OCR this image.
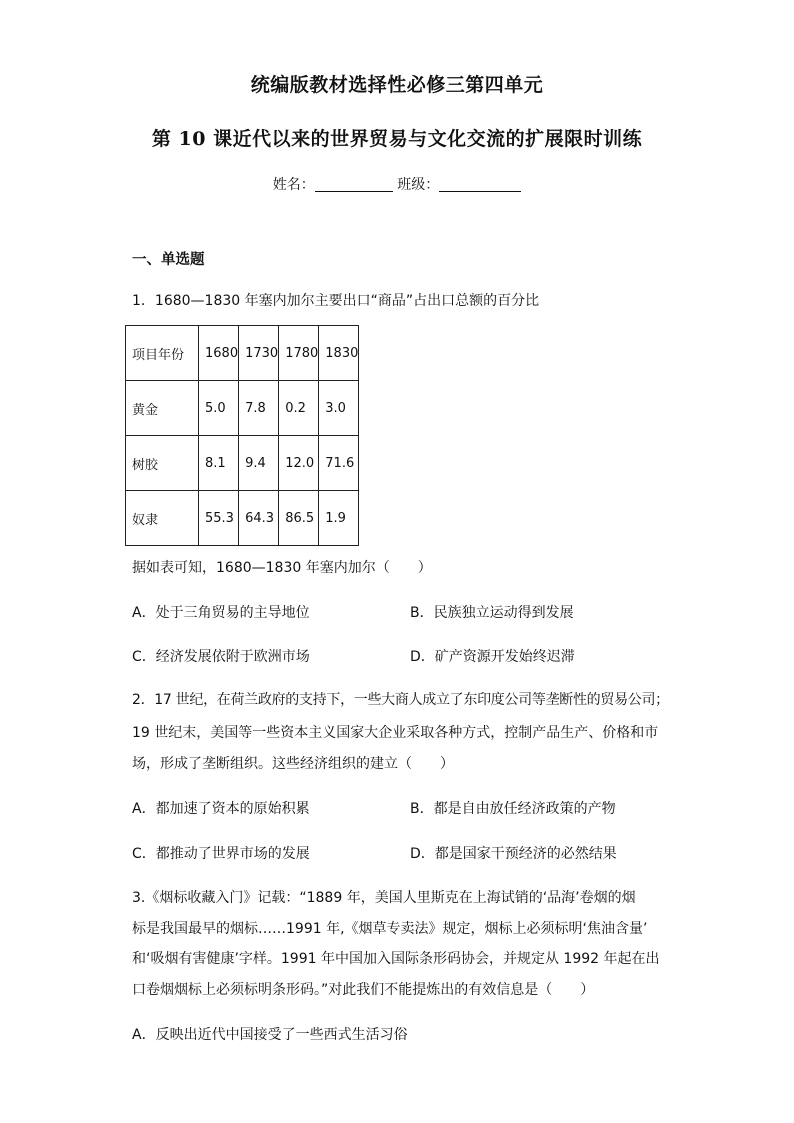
统编版教材选择性必修三第四单元
第 10 课近代以来的世界贸易与文化交流的扩展限时训练
姓名：	班级：
一、单选题
1．1680—1830 年塞内加尔主要出口“商品”占出口总额的百分比
项目年份	1680	1730	1780	1830
黄金	5.0	7.8	0.2	3.0
树胶	8.1	9.4	12.0	71.6
奴隶	55.3	64.3	86.5	1.9
据如表可知，1680—1830 年塞内加尔（　　）
A．处于三角贸易的主导地位	B．民族独立运动得到发展
C．经济发展依附于欧洲市场	D．矿产资源开发始终迟滞
2．17 世纪，在荷兰政府的支持下，一些大商人成立了东印度公司等垄断性的贸易公司；
19 世纪末，美国等一些资本主义国家大企业采取各种方式，控制产品生产、价格和市
场，形成了垄断组织。这些经济组织的建立（　　）
A．都加速了资本的原始积累	B．都是自由放任经济政策的产物
C．都推动了世界市场的发展	D．都是国家干预经济的必然结果
3.《烟标收藏入门》记载：“1889 年，美国人里斯克在上海试销的‘品海’卷烟的烟
标是我国最早的烟标……1991 年,《烟草专卖法》规定，烟标上必须标明‘焦油含量’
和‘吸烟有害健康’字样。1991 年中国加入国际条形码协会，并规定从 1992 年起在出
口卷烟烟标上必须标明条形码。”对此我们不能提炼出的有效信息是（　　）
A．反映出近代中国接受了一些西式生活习俗
